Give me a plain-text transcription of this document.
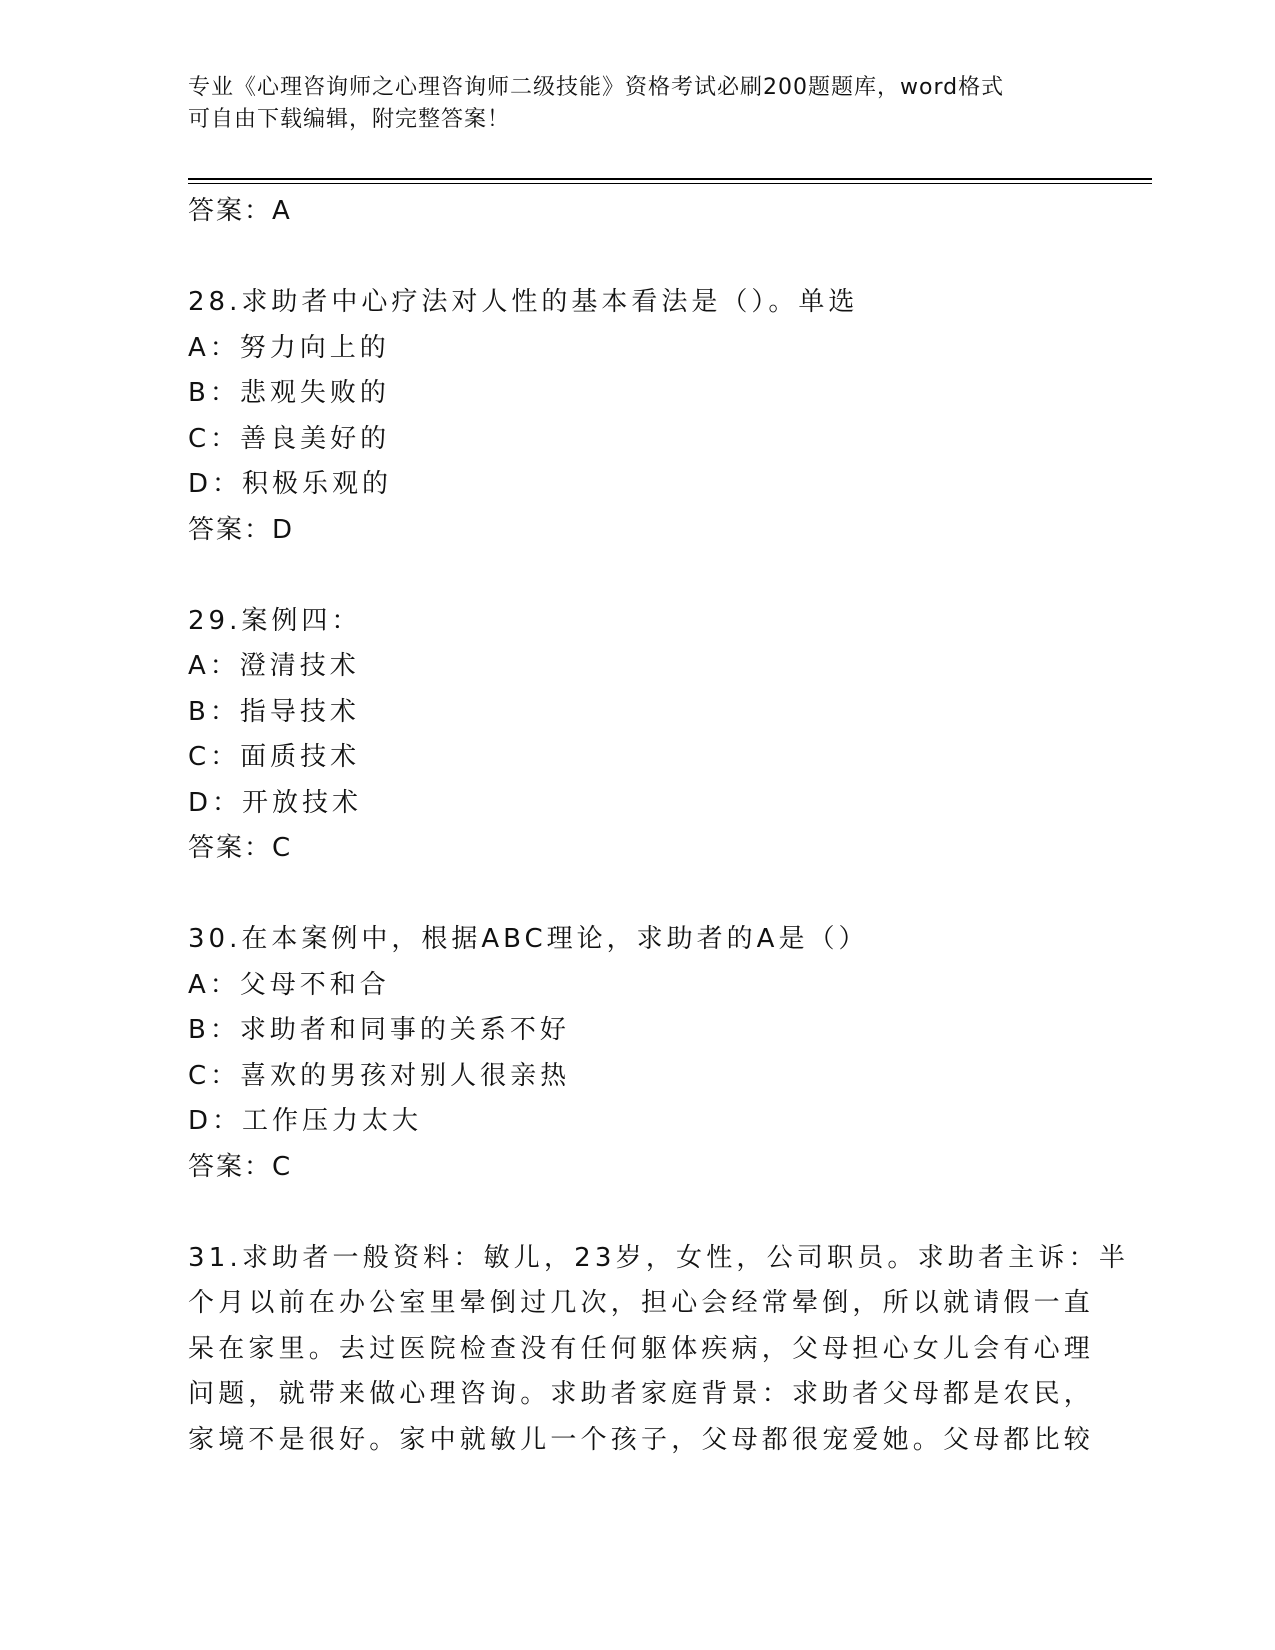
专业《心理咨询师之心理咨询师二级技能》资格考试必刷200题题库，word格式
可自由下载编辑，附完整答案！
答案：A
28.求助者中心疗法对人性的基本看法是（）。单选
A：努力向上的
B：悲观失败的
C：善良美好的
D：积极乐观的
答案：D
29.案例四：
A：澄清技术
B：指导技术
C：面质技术
D：开放技术
答案：C
30.在本案例中，根据ABC理论，求助者的A是（）
A：父母不和合
B：求助者和同事的关系不好
C：喜欢的男孩对别人很亲热
D：工作压力太大
答案：C
31.求助者一般资料：敏儿，23岁，女性，公司职员。求助者主诉：半
个月以前在办公室里晕倒过几次，担心会经常晕倒，所以就请假一直
呆在家里。去过医院检查没有任何躯体疾病，父母担心女儿会有心理
问题，就带来做心理咨询。求助者家庭背景：求助者父母都是农民，
家境不是很好。家中就敏儿一个孩子，父母都很宠爱她。父母都比较
